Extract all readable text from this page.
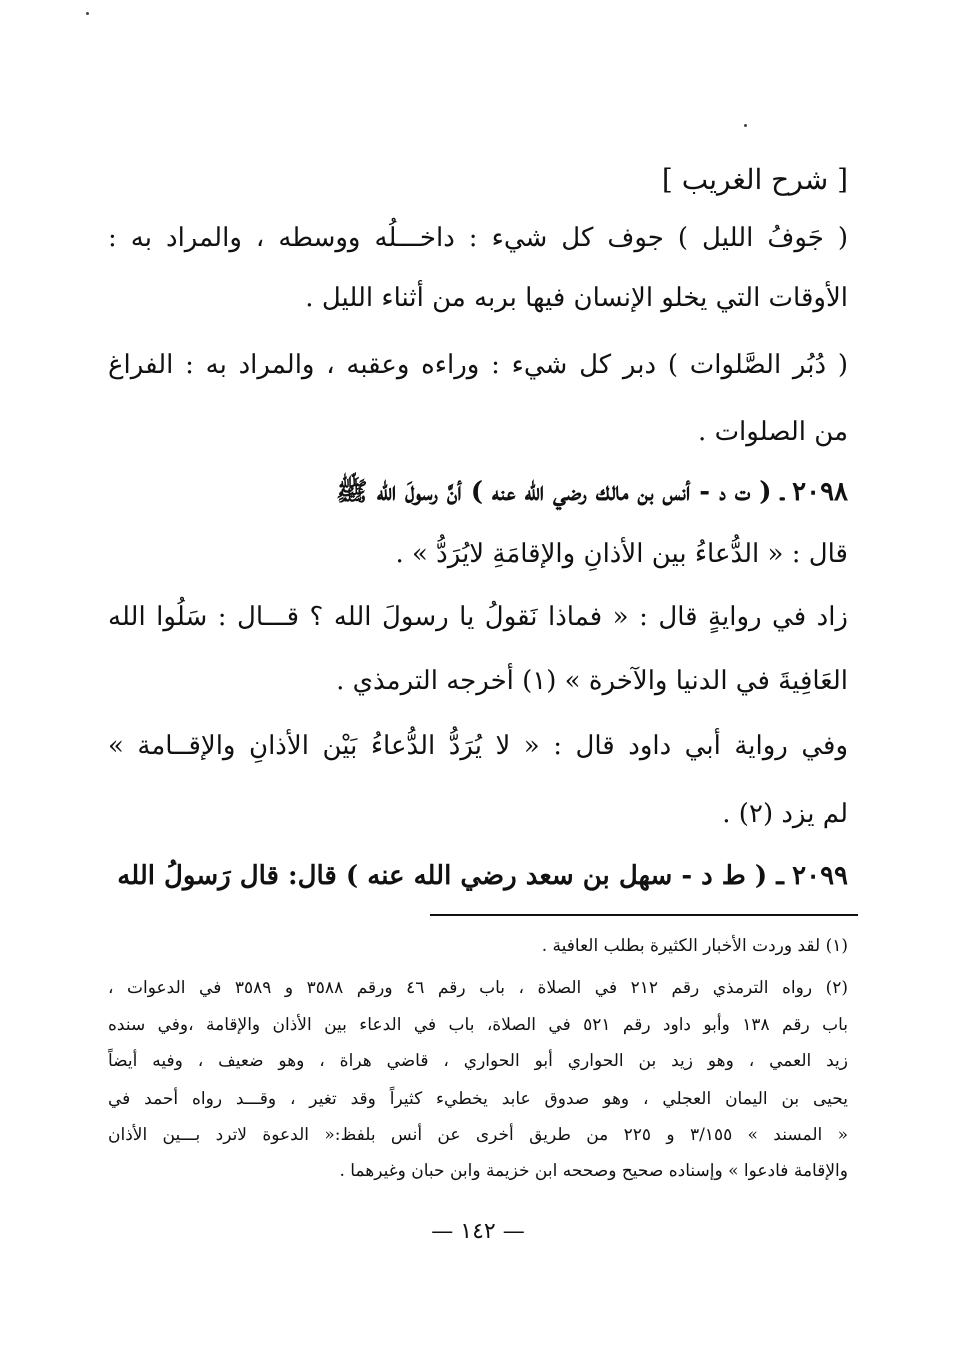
[ شرح الغريب ]
( جَوفُ الليل ) جوف كل شيء : داخـــلُه ووسطه ، والمراد به :
الأوقات التي يخلو الإنسان فيها بربه من أثناء الليل .
( دُبُر الصَّلوات ) دبر كل شيء : وراءه وعقبه ، والمراد به : الفراغ
من الصلوات .
٢٠٩٨ ـ ( ت د - أنس بن مالك رضي الله عنه ) أنَّ رسولَ الله ﷺ
قال : « الدُّعاءُ بين الأذانِ والإقامَةِ لايُرَدُّ » .
زاد في روايةٍ قال : « فماذا نَقولُ يا رسولَ الله ؟ قـــال : سَلُوا الله
العَافِيةَ في الدنيا والآخرة » (١) أخرجه الترمذي .
وفي رواية أبي داود قال : « لا يُرَدُّ الدُّعاءُ بَيْن الأذانِ والإقــامة »
لم يزد (٢) .
٢٠٩٩ ـ ( ط د - سهل بن سعد رضي الله عنه ) قال: قال رَسولُ الله
(١) لقد وردت الأخبار الكثيرة بطلب العافية .
(٢) رواه الترمذي رقم ٢١٢ في الصلاة ، باب رقم ٤٦ ورقم ٣٥٨٨ و ٣٥٨٩ في الدعوات ،
باب رقم ١٣٨ وأبو داود رقم ٥٢١ في الصلاة، باب في الدعاء بين الأذان والإقامة ،وفي سنده
زيد العمي ، وهو زيد بن الحواري أبو الحواري ، قاضي هراة ، وهو ضعيف ، وفيه أيضاً
يحيى بن اليمان العجلي ، وهو صدوق عابد يخطيء كثيراً وقد تغير ، وقـــد رواه أحمد في
« المسند » ٣/١٥٥ و ٢٢٥ من طريق أخرى عن أنس بلفظ:« الدعوة لاترد بـــين الأذان
والإقامة فادعوا » وإسناده صحيح وصححه ابن خزيمة وابن حبان وغيرهما .
— ١٤٢ —
